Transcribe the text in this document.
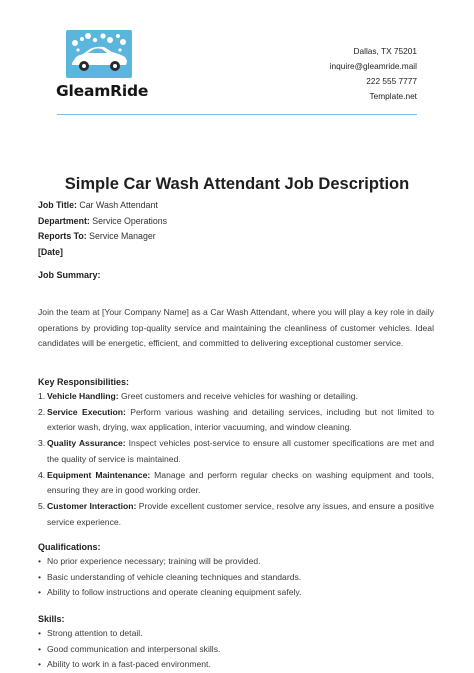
GleamRide
Dallas, TX 75201
inquire@gleamride.mail
222 555 7777
Template.net
Simple Car Wash Attendant Job Description
Job Title: Car Wash Attendant
Department: Service Operations
Reports To: Service Manager
[Date]
Job Summary:
Join the team at [Your Company Name] as a Car Wash Attendant, where you will play a key role in daily operations by providing top-quality service and maintaining the cleanliness of customer vehicles. Ideal candidates will be energetic, efficient, and committed to delivering exceptional customer service.
Key Responsibilities:
1. Vehicle Handling: Greet customers and receive vehicles for washing or detailing.
2. Service Execution: Perform various washing and detailing services, including but not limited to exterior wash, drying, wax application, interior vacuuming, and window cleaning.
3. Quality Assurance: Inspect vehicles post-service to ensure all customer specifications are met and the quality of service is maintained.
4. Equipment Maintenance: Manage and perform regular checks on washing equipment and tools, ensuring they are in good working order.
5. Customer Interaction: Provide excellent customer service, resolve any issues, and ensure a positive service experience.
Qualifications:
• No prior experience necessary; training will be provided.
• Basic understanding of vehicle cleaning techniques and standards.
• Ability to follow instructions and operate cleaning equipment safely.
Skills:
• Strong attention to detail.
• Good communication and interpersonal skills.
• Ability to work in a fast-paced environment.
